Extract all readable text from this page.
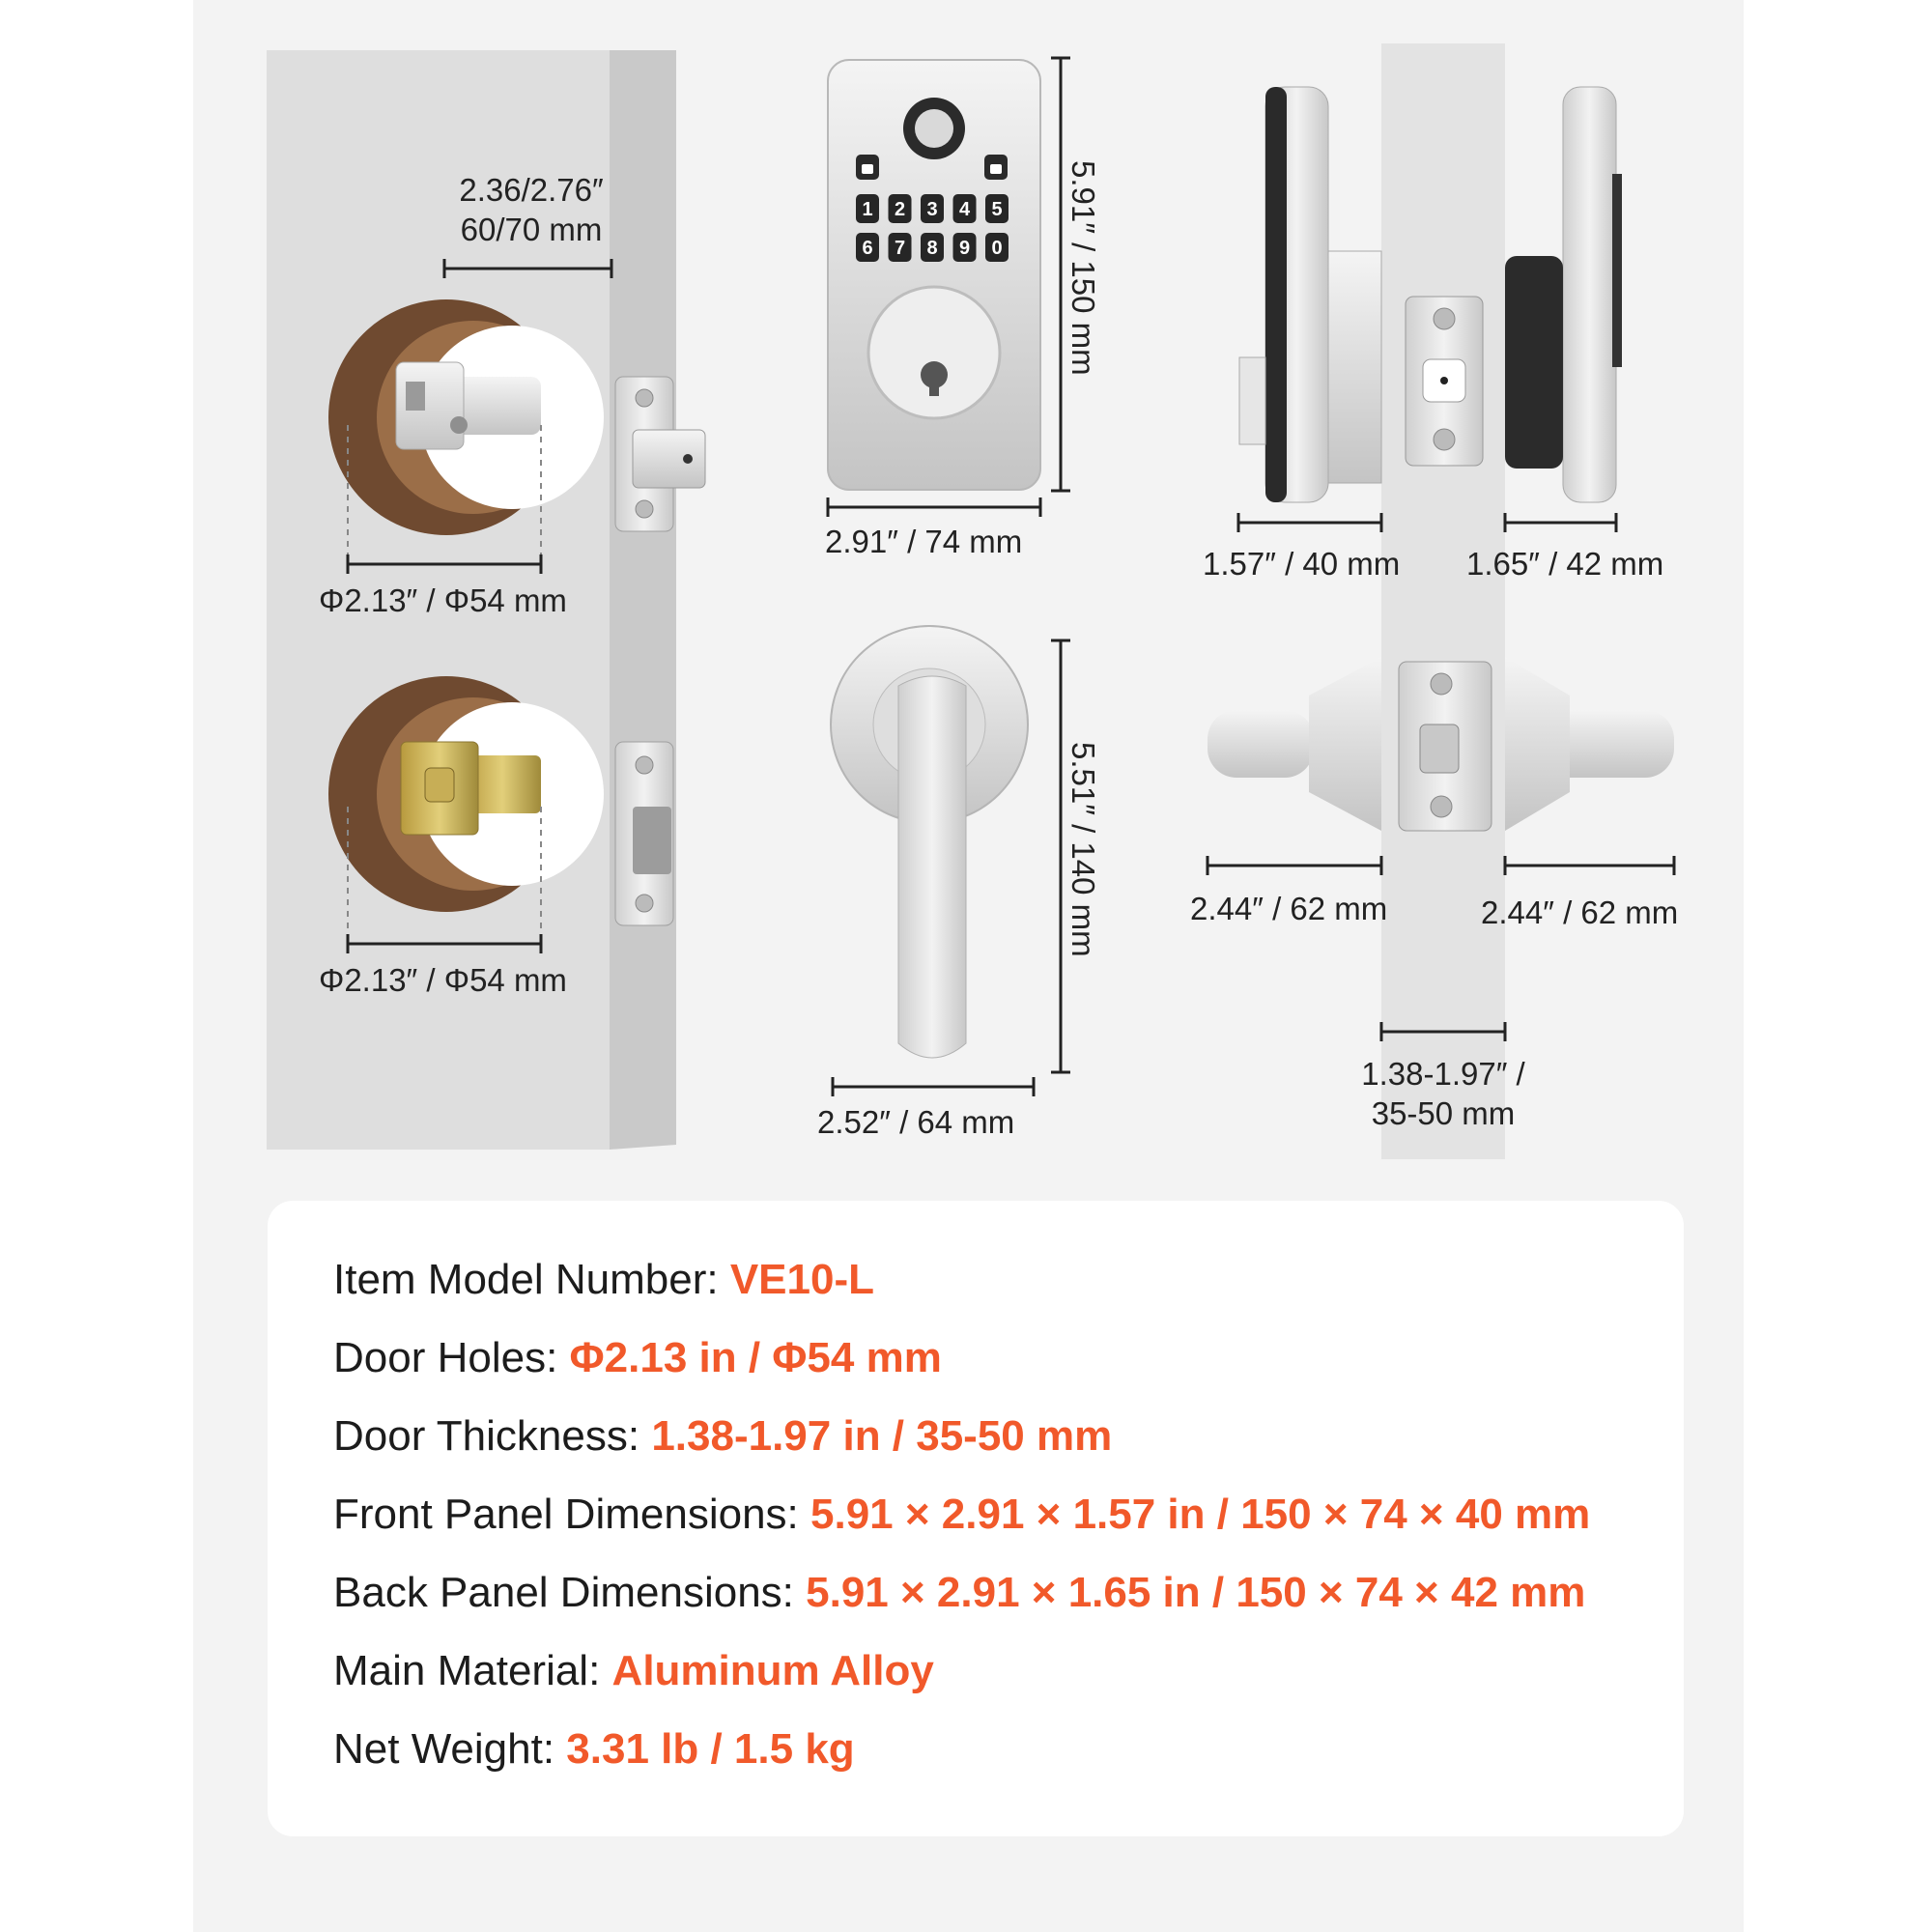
1 2 3 4 5
6 7 8 9 0
2.36/2.76″
60/70 mm
Φ2.13″ / Φ54 mm
Φ2.13″ / Φ54 mm
5.91″ / 150 mm
2.91″ / 74 mm
1.57″ / 40 mm 1.65″ / 42 mm
5.51″ / 140 mm
2.52″ / 64 mm
2.44″ / 62 mm	2.44″ / 62 mm
1.38-1.97″ /
35-50 mm
Item Model Number: VE10-L
Door Holes: Φ2.13 in / Φ54 mm
Door Thickness: 1.38-1.97 in / 35-50 mm
Front Panel Dimensions: 5.91 × 2.91 × 1.57 in / 150 × 74 × 40 mm
Back Panel Dimensions: 5.91 × 2.91 × 1.65 in / 150 × 74 × 42 mm
Main Material: Aluminum Alloy
Net Weight: 3.31 lb / 1.5 kg
